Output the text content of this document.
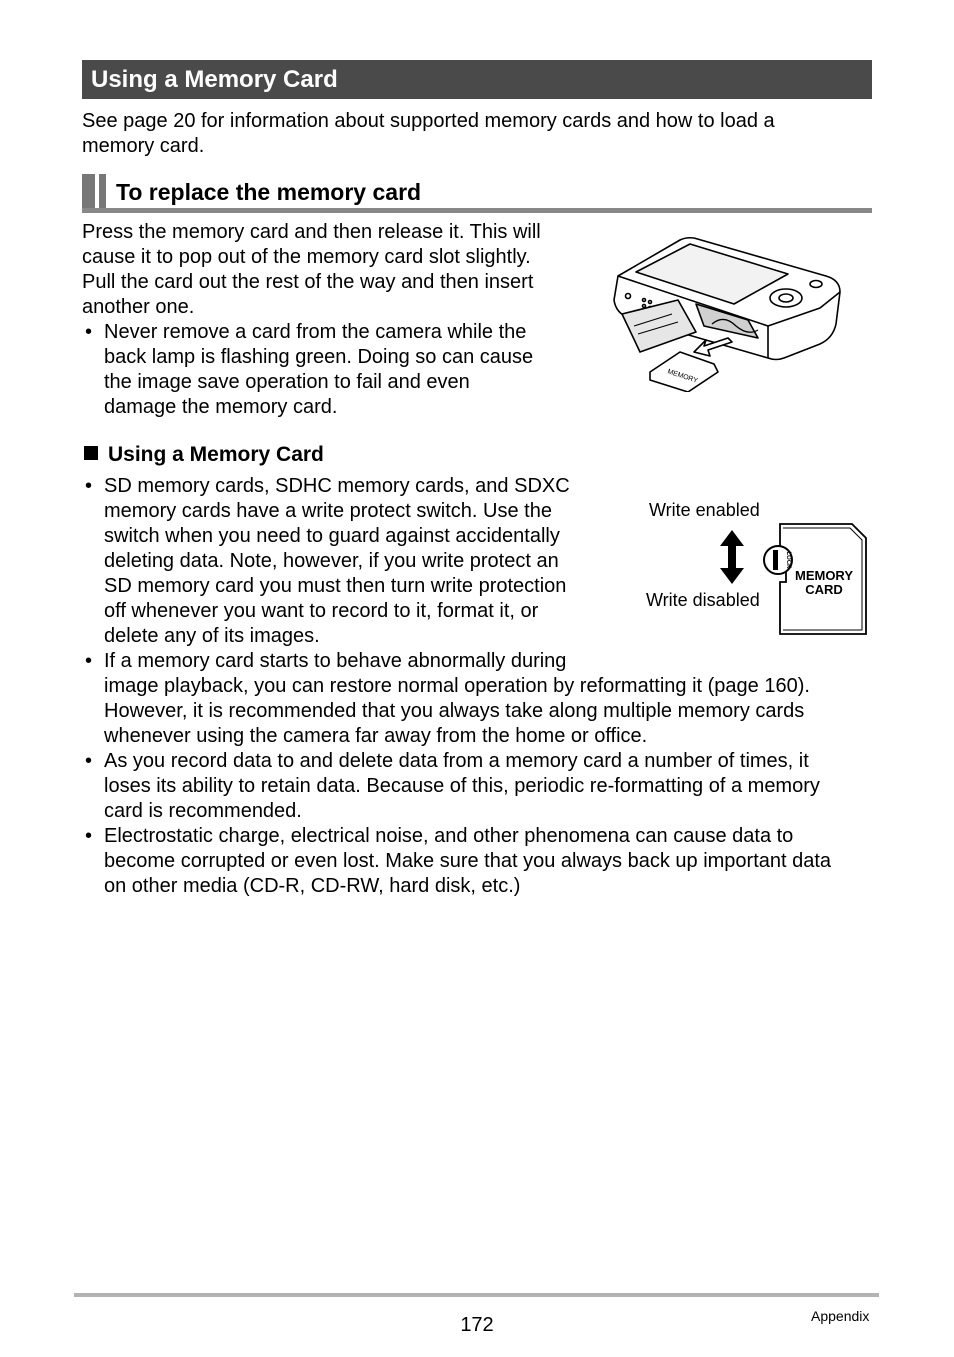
Using a Memory Card
See page 20 for information about supported memory cards and how to load a
memory card.
To replace the memory card
Press the memory card and then release it. This will
cause it to pop out of the memory card slot slightly.
Pull the card out the rest of the way and then insert
another one.
• Never remove a card from the camera while the
back lamp is flashing green. Doing so can cause
the image save operation to fail and even
damage the memory card.
MEMORY
Using a Memory Card
• SD memory cards, SDHC memory cards, and SDXC
memory cards have a write protect switch. Use the
switch when you need to guard against accidentally
deleting data. Note, however, if you write protect an
SD memory card you must then turn write protection
off whenever you want to record to it, format it, or
delete any of its images.
• If a memory card starts to behave abnormally during
image playback, you can restore normal operation by reformatting it (page 160).
However, it is recommended that you always take along multiple memory cards
whenever using the camera far away from the home or office.
• As you record data to and delete data from a memory card a number of times, it
loses its ability to retain data. Because of this, periodic re-formatting of a memory
card is recommended.
• Electrostatic charge, electrical noise, and other phenomena can cause data to
become corrupted or even lost. Make sure that you always back up important data
on other media (CD-R, CD-RW, hard disk, etc.)
Write enabled
Write disabled
LOCK
MEMORY
CARD
172	Appendix
